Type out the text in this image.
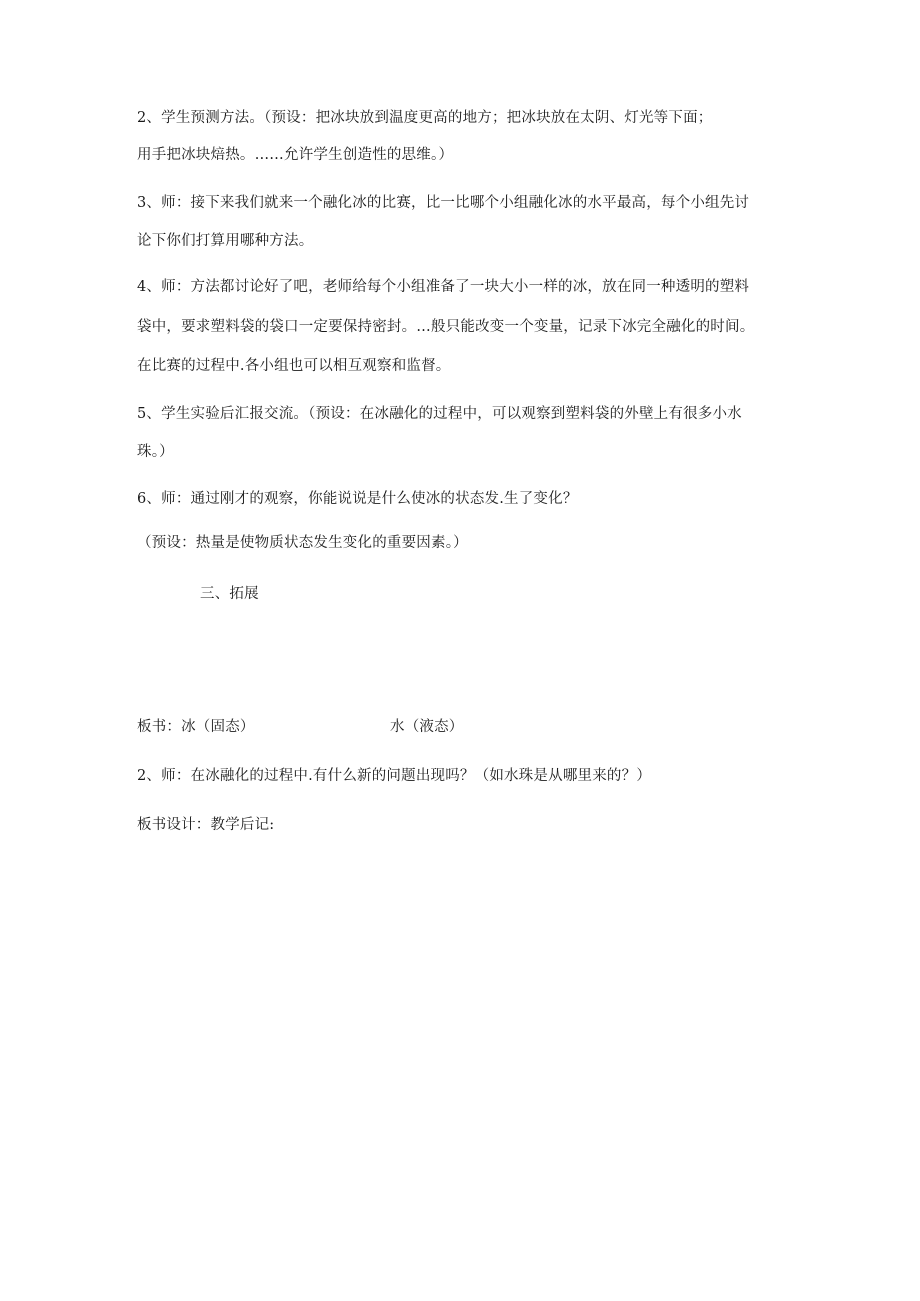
2、学生预测方法。（预设：把冰块放到温度更高的地方；把冰块放在太阴、灯光等下面；
用手把冰块焙热。……允许学生创造性的思维。）
3、师：接下来我们就来一个融化冰的比赛，比一比哪个小组融化冰的水平最高，每个小组先讨
论下你们打算用哪种方法。
4、师：方法都讨论好了吧，老师给每个小组准备了一块大小一样的冰，放在同一种透明的塑料
袋中，要求塑料袋的袋口一定要保持密封。…般只能改变一个变量，记录下冰完全融化的时间。
在比赛的过程中.各小组也可以相互观察和监督。
5、学生实验后汇报交流。（预设：在冰融化的过程中，可以观察到塑料袋的外壁上有很多小水
珠。）
6、师：通过刚才的观察，你能说说是什么使冰的状态发.生了变化？
（预设：热量是使物质状态发生变化的重要因素。）
三、拓展
板书：冰（固态）	水（液态）
2、师：在冰融化的过程中.有什么新的问题出现吗？（如水珠是从哪里来的？）
板书设计：教学后记:
